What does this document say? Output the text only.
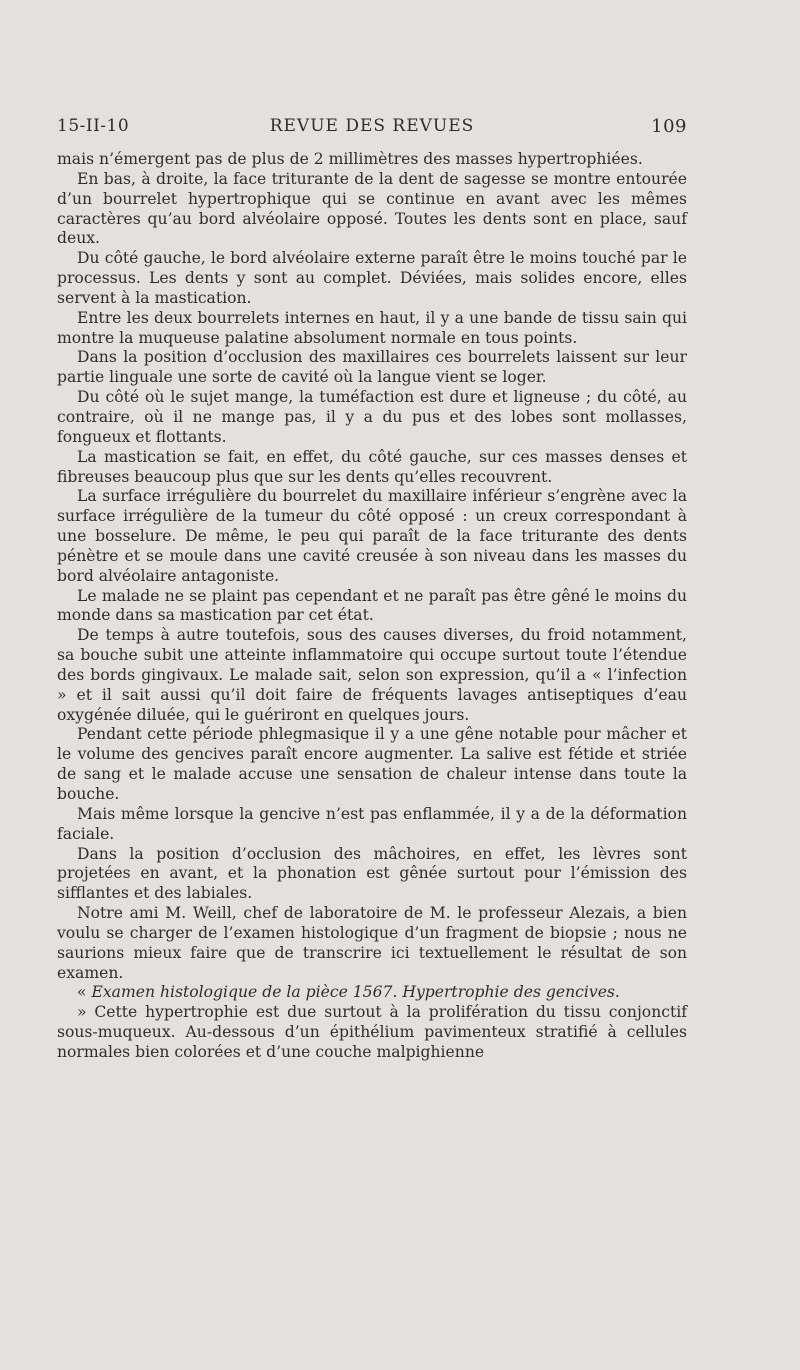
15-II-10	REVUE DES REVUES	109

mais n’émergent pas de plus de 2 millimètres des masses hypertrophiées.

En bas, à droite, la face triturante de la dent de sagesse se montre entourée d’un bourrelet hypertrophique qui se continue en avant avec les mêmes caractères qu’au bord alvéolaire opposé. Toutes les dents sont en place, sauf deux.

Du côté gauche, le bord alvéolaire externe paraît être le moins touché par le processus. Les dents y sont au complet. Déviées, mais solides encore, elles servent à la mastication.

Entre les deux bourrelets internes en haut, il y a une bande de tissu sain qui montre la muqueuse palatine absolument normale en tous points.

Dans la position d’occlusion des maxillaires ces bourrelets laissent sur leur partie linguale une sorte de cavité où la langue vient se loger.

Du côté où le sujet mange, la tuméfaction est dure et ligneuse ; du côté, au contraire, où il ne mange pas, il y a du pus et des lobes sont mollasses, fongueux et flottants.

La mastication se fait, en effet, du côté gauche, sur ces masses denses et fibreuses beaucoup plus que sur les dents qu’elles recouvrent.

La surface irrégulière du bourrelet du maxillaire inférieur s’engrène avec la surface irrégulière de la tumeur du côté opposé : un creux correspondant à une bosselure. De même, le peu qui paraît de la face triturante des dents pénètre et se moule dans une cavité creusée à son niveau dans les masses du bord alvéolaire antagoniste.

Le malade ne se plaint pas cependant et ne paraît pas être gêné le moins du monde dans sa mastication par cet état.

De temps à autre toutefois, sous des causes diverses, du froid notamment, sa bouche subit une atteinte inflammatoire qui occupe surtout toute l’étendue des bords gingivaux. Le malade sait, selon son expression, qu’il a « l’infection » et il sait aussi qu’il doit faire de fréquents lavages antiseptiques d’eau oxygénée diluée, qui le guériront en quelques jours.

Pendant cette période phlegmasique il y a une gêne notable pour mâcher et le volume des gencives paraît encore augmenter. La salive est fétide et striée de sang et le malade accuse une sensation de chaleur intense dans toute la bouche.

Mais même lorsque la gencive n’est pas enflammée, il y a de la déformation faciale.

Dans la position d’occlusion des mâchoires, en effet, les lèvres sont projetées en avant, et la phonation est gênée surtout pour l’émission des sifflantes et des labiales.

Notre ami M. Weill, chef de laboratoire de M. le professeur Alezais, a bien voulu se charger de l’examen histologique d’un fragment de biopsie ; nous ne saurions mieux faire que de transcrire ici textuellement le résultat de son examen.

« Examen histologique de la pièce 1567. Hypertrophie des gencives.

» Cette hypertrophie est due surtout à la prolifération du tissu conjonctif sous-muqueux. Au-dessous d’un épithélium pavimenteux stratifié à cellules normales bien colorées et d’une couche malpighienne
